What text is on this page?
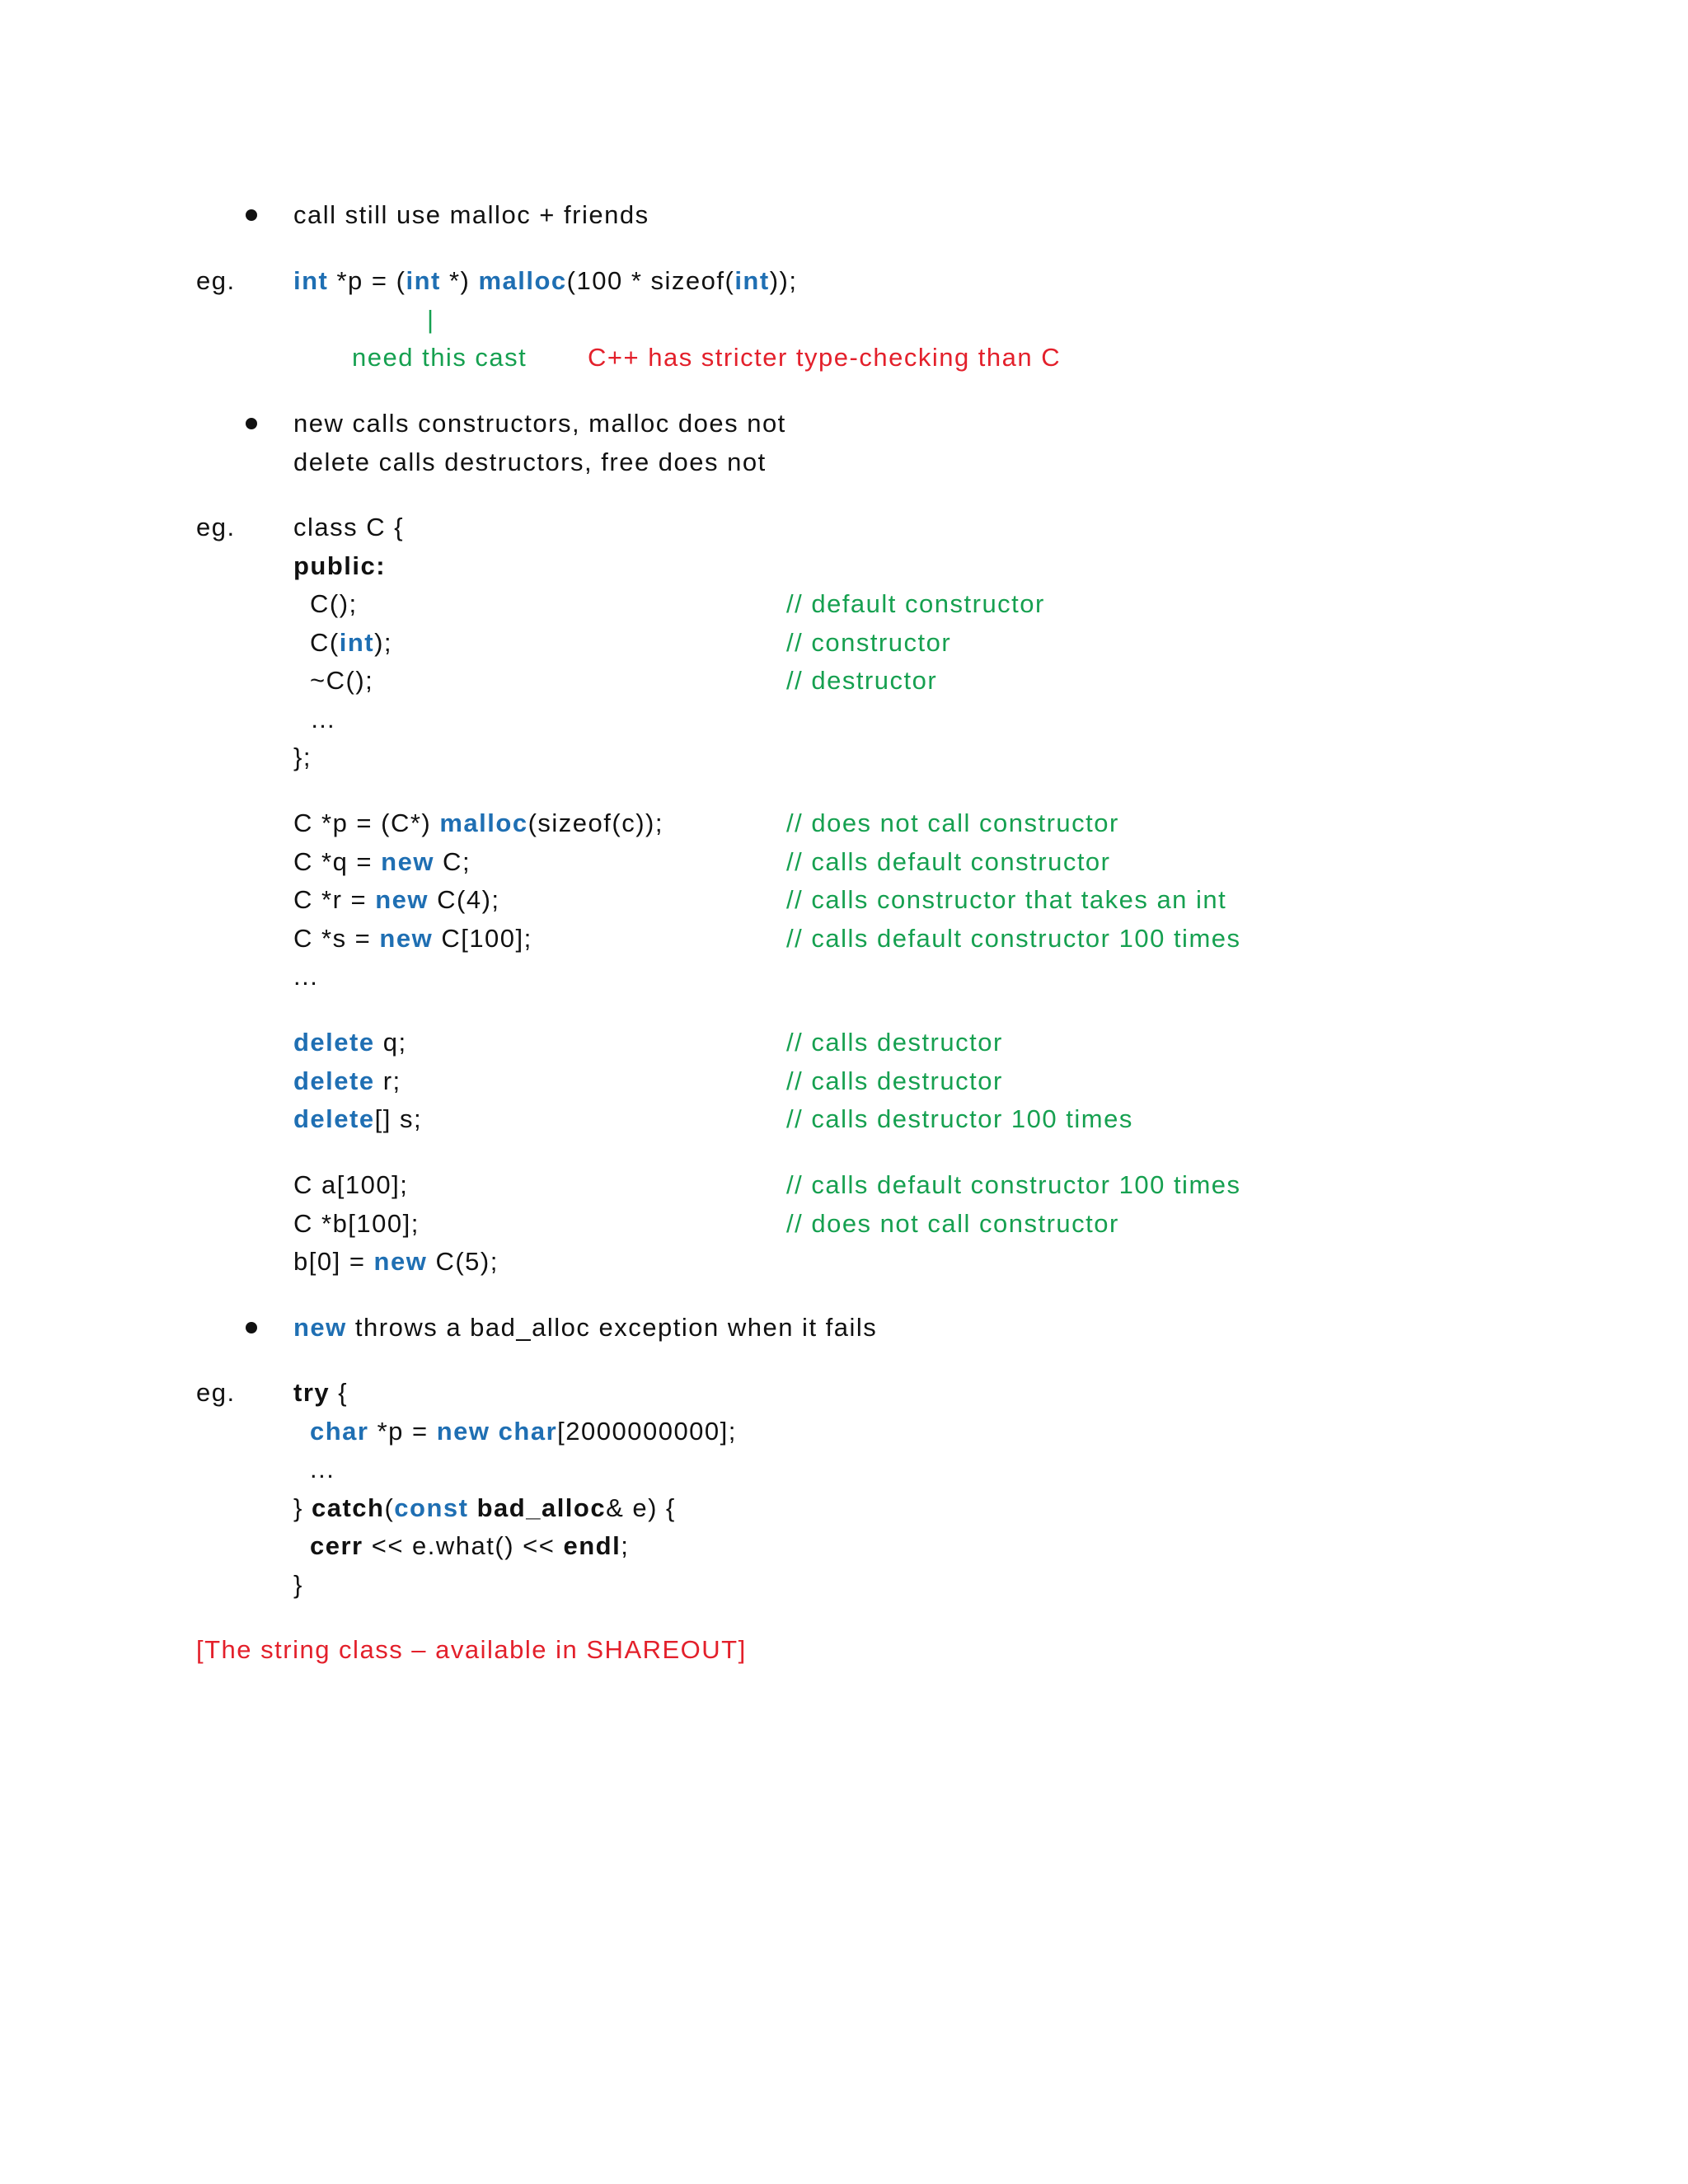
call still use malloc + friends
eg. int *p = (int *) malloc(100 * sizeof(int));
|
need this cast C++ has stricter type-checking than C
new calls constructors, malloc does not
delete calls destructors, free does not
eg. class C {
public:
C();	// default constructor
C(int);	// constructor
~C();	// destructor
…
};
C *p = (C*) malloc(sizeof(c));	// does not call constructor
C *q = new C;	// calls default constructor
C *r = new C(4);	// calls constructor that takes an int
C *s = new C[100];	// calls default constructor 100 times
...
delete q;	// calls destructor
delete r;	// calls destructor
delete[] s;	// calls destructor 100 times
C a[100];	// calls default constructor 100 times
C *b[100];	// does not call constructor
b[0] = new C(5);
new throws a bad_alloc exception when it fails
eg. try {
char *p = new char[2000000000];
...
} catch(const bad_alloc& e) {
cerr << e.what() << endl;
}
[The string class – available in SHAREOUT]
